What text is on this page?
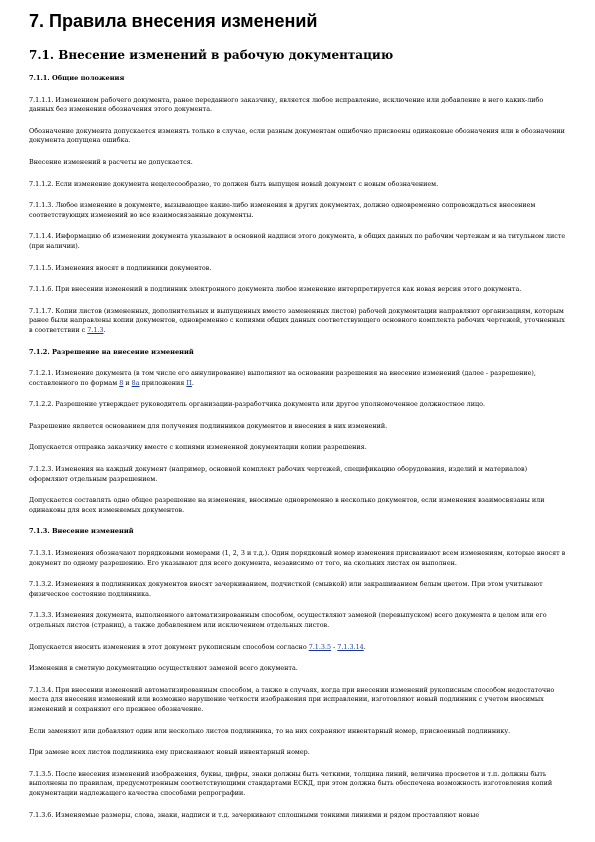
7. Правила внесения изменений
7.1. Внесение изменений в рабочую документацию

7.1.1. Общие положения

7.1.1.1. Изменением рабочего документа, ранее переданного заказчику, является любое исправление, исключение или добавление в него каких-либо данных без изменения обозначения этого документа.

Обозначение документа допускается изменять только в случае, если разным документам ошибочно присвоены одинаковые обозначения или в обозначении документа допущена ошибка.

Внесение изменений в расчеты не допускается.

7.1.1.2. Если изменение документа нецелесообразно, то должен быть выпущен новый документ с новым обозначением.

7.1.1.3. Любое изменение в документе, вызывающее какие-либо изменения в других документах, должно одновременно сопровождаться внесением соответствующих изменений во все взаимосвязанные документы.

7.1.1.4. Информацию об изменении документа указывают в основной надписи этого документа, в общих данных по рабочим чертежам и на титульном листе (при наличии).

7.1.1.5. Изменения вносят в подлинники документов.

7.1.1.6. При внесении изменений в подлинник электронного документа любое изменение интерпретируется как новая версия этого документа.

7.1.1.7. Копии листов (измененных, дополнительных и выпущенных вместо замененных листов) рабочей документации направляют организациям, которым ранее были направлены копии документов, одновременно с копиями общих данных соответствующего основного комплекта рабочих чертежей, уточненных в соответствии с 7.1.3.

7.1.2. Разрешение на внесение изменений

7.1.2.1. Изменение документа (в том числе его аннулирование) выполняют на основании разрешения на внесение изменений (далее - разрешение), составленного по формам 8 и 8а приложения П.

7.1.2.2. Разрешение утверждает руководитель организации-разработчика документа или другое уполномоченное должностное лицо.

Разрешение является основанием для получения подлинников документов и внесения в них изменений.

Допускается отправка заказчику вместе с копиями измененной документации копии разрешения.

7.1.2.3. Изменения на каждый документ (например, основной комплект рабочих чертежей, спецификацию оборудования, изделий и материалов) оформляют отдельным разрешением.

Допускается составлять одно общее разрешение на изменения, вносимые одновременно в несколько документов, если изменения взаимосвязаны или одинаковы для всех изменяемых документов.

7.1.3. Внесение изменений

7.1.3.1. Изменения обозначают порядковыми номерами (1, 2, 3 и т.д.). Один порядковый номер изменения присваивают всем изменениям, которые вносят в документ по одному разрешению. Его указывают для всего документа, независимо от того, на скольких листах он выполнен.

7.1.3.2. Изменения в подлинниках документов вносят зачеркиванием, подчисткой (смывкой) или закрашиванием белым цветом. При этом учитывают физическое состояние подлинника.

7.1.3.3. Изменения документа, выполненного автоматизированным способом, осуществляют заменой (перевыпуском) всего документа в целом или его отдельных листов (страниц), а также добавлением или исключением отдельных листов.

Допускается вносить изменения в этот документ рукописным способом согласно 7.1.3.5 - 7.1.3.14.

Изменения в сметную документацию осуществляют заменой всего документа.

7.1.3.4. При внесении изменений автоматизированным способом, а также в случаях, когда при внесении изменений рукописным способом недостаточно места для внесения изменений или возможно нарушение четкости изображения при исправлении, изготовляют новый подлинник с учетом вносимых изменений и сохраняют его прежнее обозначение.

Если заменяют или добавляют один или несколько листов подлинника, то на них сохраняют инвентарный номер, присвоенный подлиннику.

При замене всех листов подлинника ему присваивают новый инвентарный номер.

7.1.3.5. После внесения изменений изображения, буквы, цифры, знаки должны быть четкими, толщина линий, величина просветов и т.п. должны быть выполнены по правилам, предусмотренным соответствующими стандартами ЕСКД, при этом должна быть обеспечена возможность изготовления копий документации надлежащего качества способами репрографии.

7.1.3.6. Изменяемые размеры, слова, знаки, надписи и т.д. зачеркивают сплошными тонкими линиями и рядом проставляют новые
